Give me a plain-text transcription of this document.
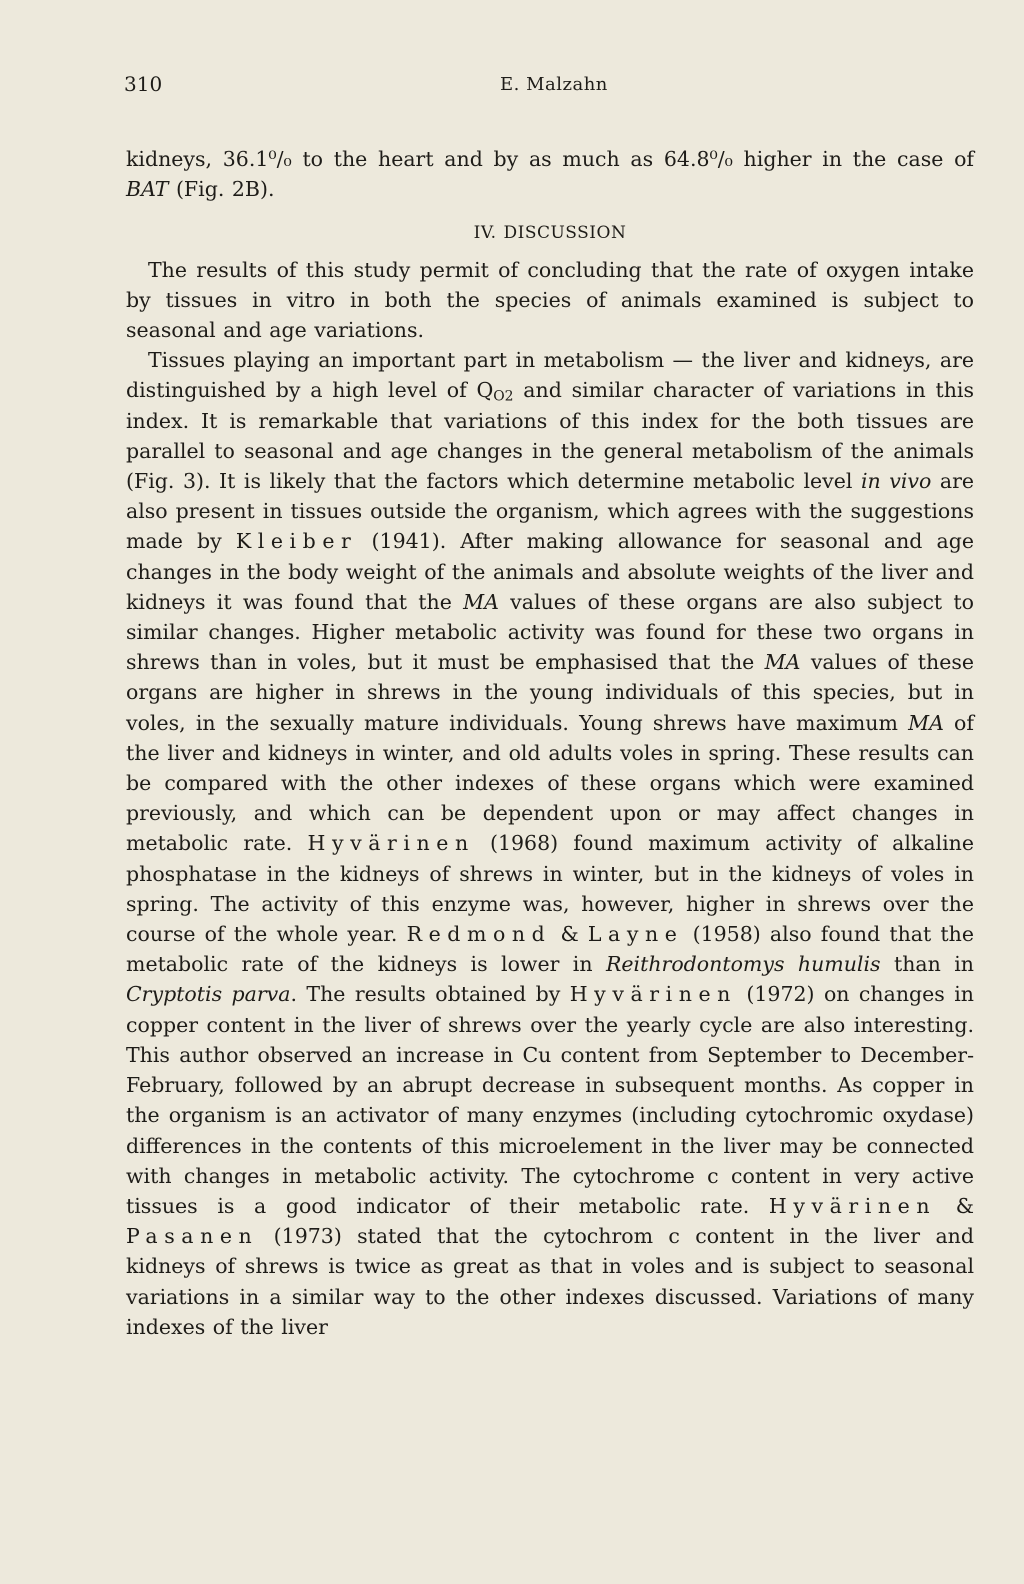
310	E. Malzahn

kidneys, 36.1⁰/₀ to the heart and by as much as 64.8⁰/₀ higher in the case of BAT (Fig. 2B).

IV. DISCUSSION

The results of this study permit of concluding that the rate of oxygen intake by tissues in vitro in both the species of animals examined is subject to seasonal and age variations.

Tissues playing an important part in metabolism — the liver and kidneys, are distinguished by a high level of $Q_{O2}$ and similar character of variations in this index. It is remarkable that variations of this index for the both tissues are parallel to seasonal and age changes in the general metabolism of the animals (Fig. 3). It is likely that the factors which determine metabolic level in vivo are also present in tissues outside the organism, which agrees with the suggestions made by Kleiber (1941). After making allowance for seasonal and age changes in the body weight of the animals and absolute weights of the liver and kidneys it was found that the MA values of these organs are also subject to similar changes. Higher metabolic activity was found for these two organs in shrews than in voles, but it must be emphasised that the MA values of these organs are higher in shrews in the young individuals of this species, but in voles, in the sexually mature individuals. Young shrews have maximum MA of the liver and kidneys in winter, and old adults voles in spring. These results can be compared with the other indexes of these organs which were examined previously, and which can be dependent upon or may affect changes in metabolic rate. Hyvärinen (1968) found maximum activity of alkaline phosphatase in the kidneys of shrews in winter, but in the kidneys of voles in spring. The activity of this enzyme was, however, higher in shrews over the course of the whole year. Redmond & Layne (1958) also found that the metabolic rate of the kidneys is lower in Reithrodontomys humulis than in Cryptotis parva. The results obtained by Hyvärinen (1972) on changes in copper content in the liver of shrews over the yearly cycle are also interesting. This author observed an increase in Cu content from September to December-February, followed by an abrupt decrease in subsequent months. As copper in the organism is an activator of many enzymes (including cytochromic oxydase) differences in the contents of this microelement in the liver may be connected with changes in metabolic activity. The cytochrome c content in very active tissues is a good indicator of their metabolic rate. Hyvärinen & Pasanen (1973) stated that the cytochrom c content in the liver and kidneys of shrews is twice as great as that in voles and is subject to seasonal variations in a similar way to the other indexes discussed. Variations of many indexes of the liver
